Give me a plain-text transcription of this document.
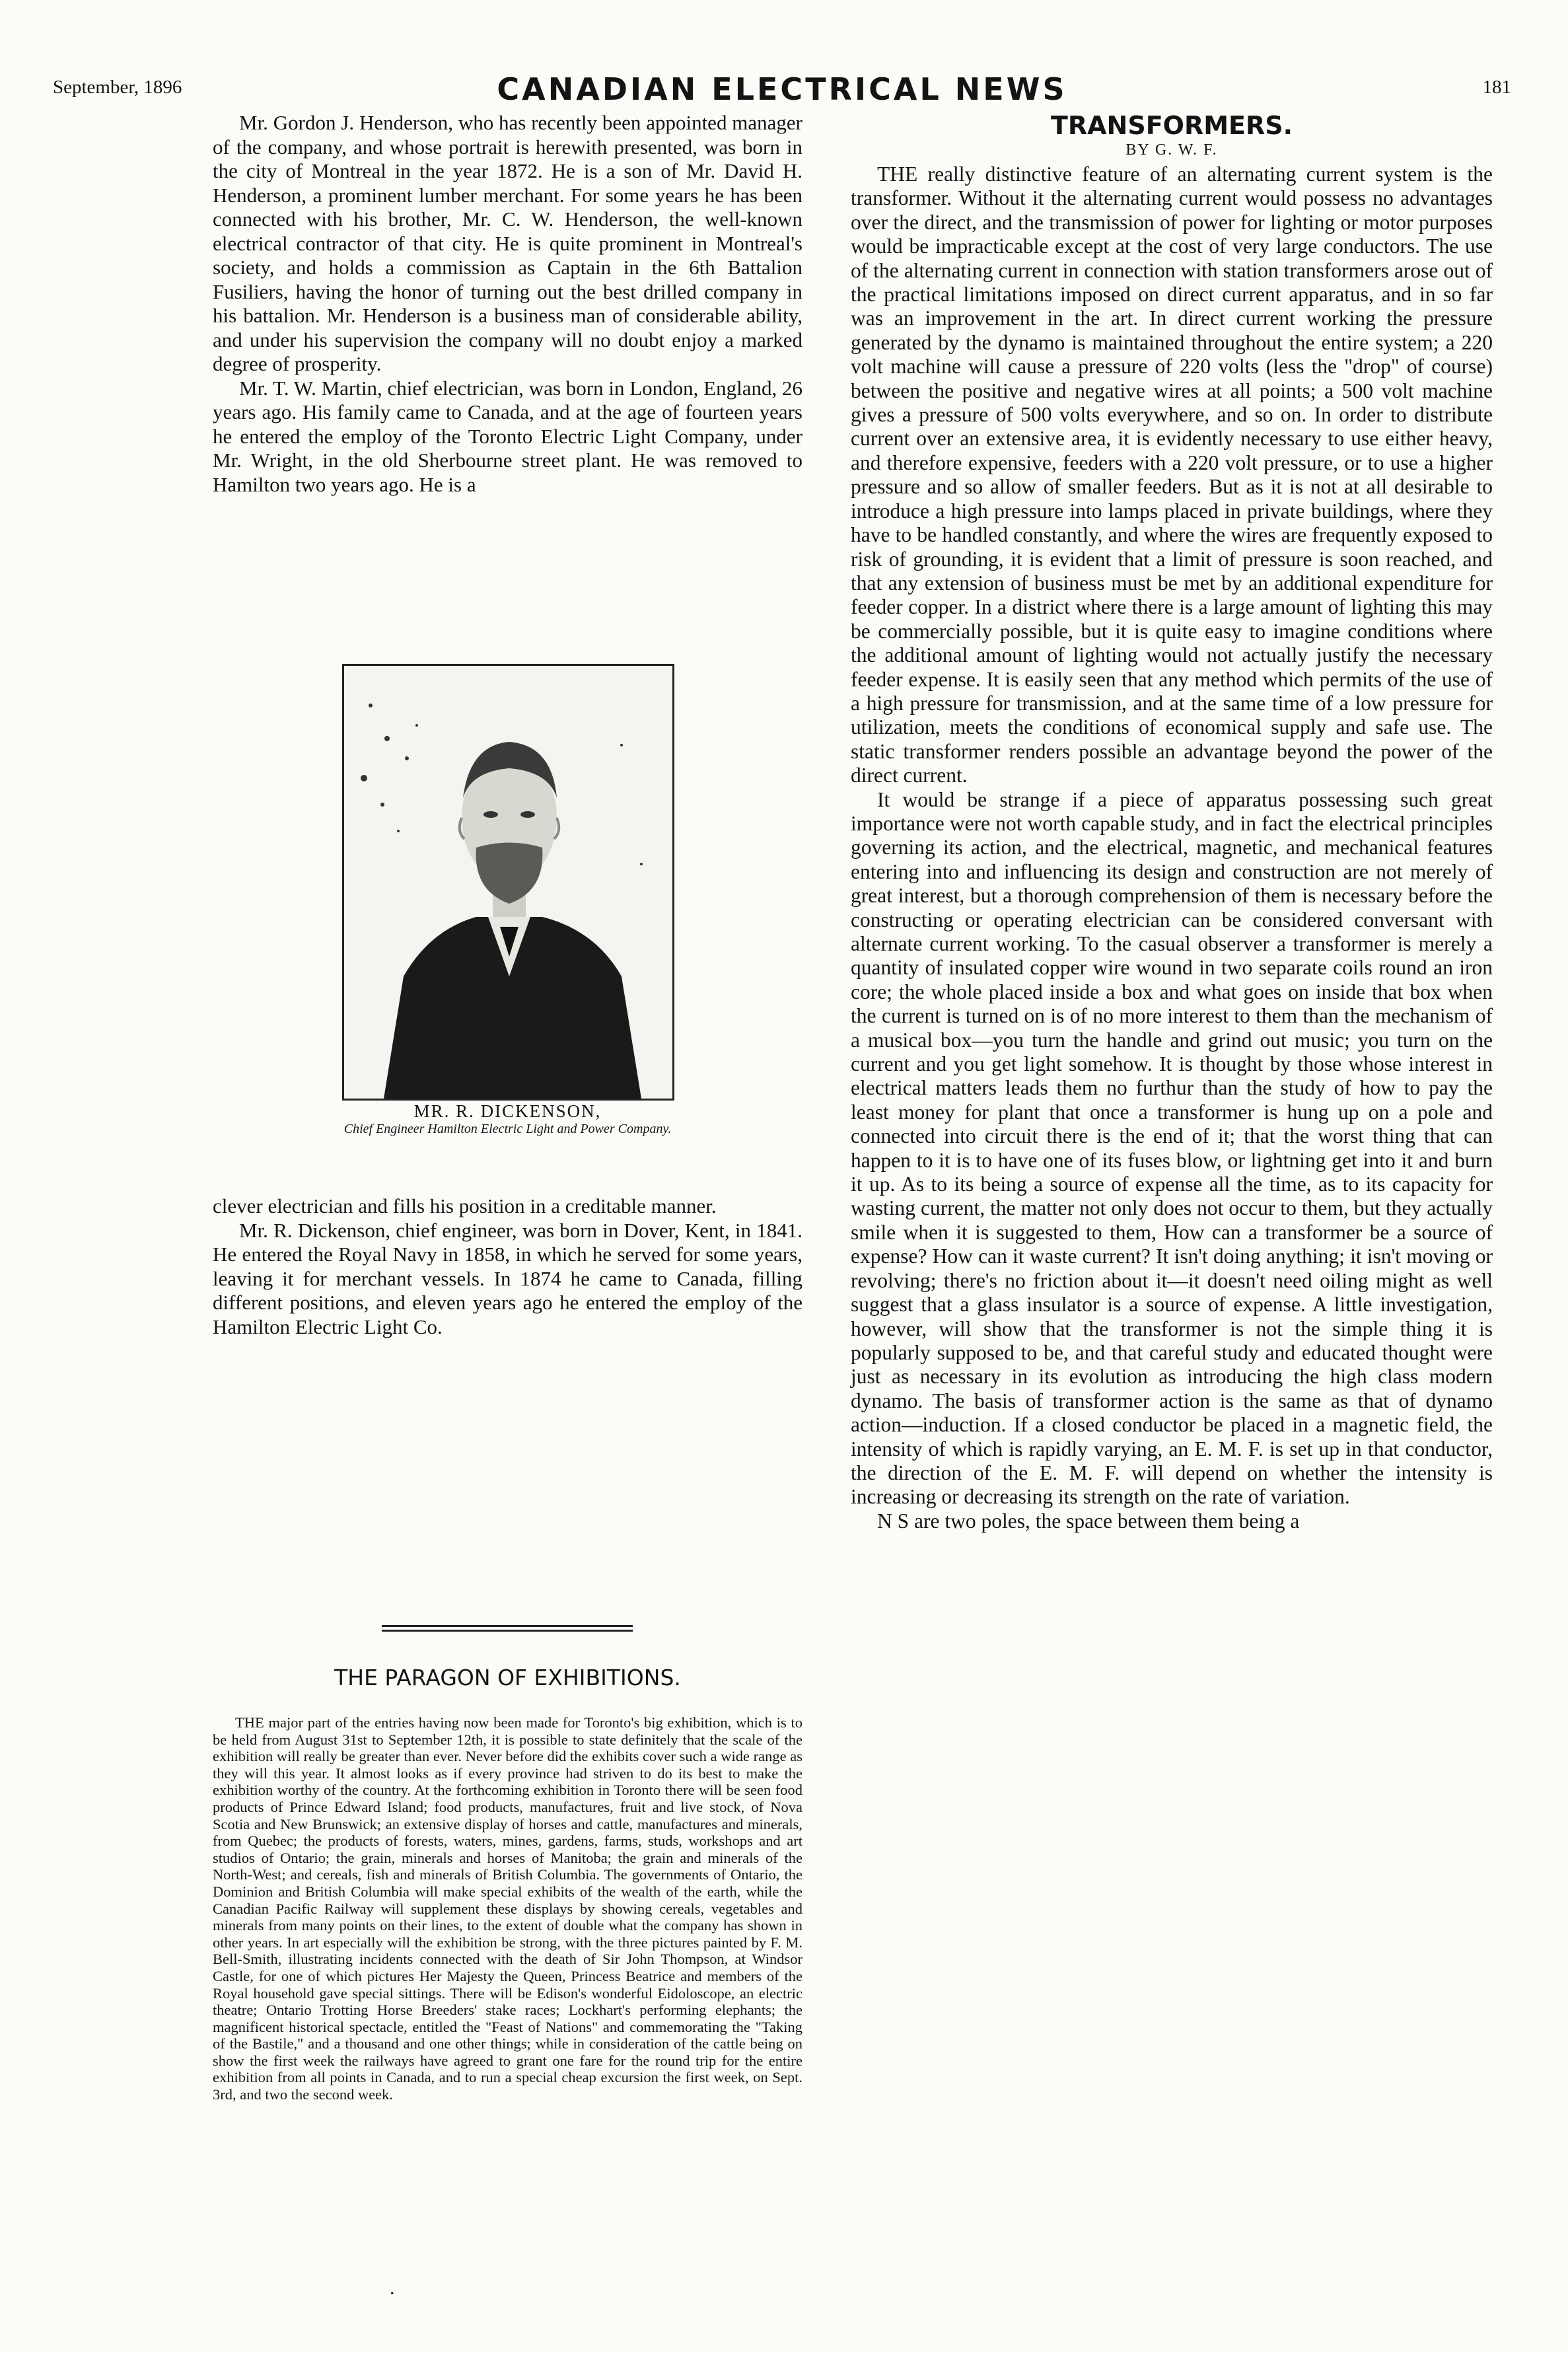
September, 1896	CANADIAN ELECTRICAL NEWS	181

Mr. Gordon J. Henderson, who has recently been appointed manager of the company, and whose portrait is herewith presented, was born in the city of Montreal in the year 1872. He is a son of Mr. David H. Henderson, a prominent lumber merchant. For some years he has been connected with his brother, Mr. C. W. Henderson, the well-known electrical contractor of that city. He is quite prominent in Montreal's society, and holds a commission as Captain in the 6th Battalion Fusiliers, having the honor of turning out the best drilled company in his battalion. Mr. Henderson is a business man of considerable ability, and under his supervision the company will no doubt enjoy a marked degree of prosperity.

Mr. T. W. Martin, chief electrician, was born in London, England, 26 years ago. His family came to Canada, and at the age of fourteen years he entered the employ of the Toronto Electric Light Company, under Mr. Wright, in the old Sherbourne street plant. He was removed to Hamilton two years ago. He is a

MR. R. DICKENSON,
Chief Engineer Hamilton Electric Light and Power Company.

clever electrician and fills his position in a creditable manner.

Mr. R. Dickenson, chief engineer, was born in Dover, Kent, in 1841. He entered the Royal Navy in 1858, in which he served for some years, leaving it for merchant vessels. In 1874 he came to Canada, filling different positions, and eleven years ago he entered the employ of the Hamilton Electric Light Co.

THE PARAGON OF EXHIBITIONS.

THE major part of the entries having now been made for Toronto's big exhibition, which is to be held from August 31st to September 12th, it is possible to state definitely that the scale of the exhibition will really be greater than ever. Never before did the exhibits cover such a wide range as they will this year. It almost looks as if every province had striven to do its best to make the exhibition worthy of the country. At the forthcoming exhibition in Toronto there will be seen food products of Prince Edward Island; food products, manufactures, fruit and live stock, of Nova Scotia and New Brunswick; an extensive display of horses and cattle, manufactures and minerals, from Quebec; the products of forests, waters, mines, gardens, farms, studs, workshops and art studios of Ontario; the grain, minerals and horses of Manitoba; the grain and minerals of the North-West; and cereals, fish and minerals of British Columbia. The governments of Ontario, the Dominion and British Columbia will make special exhibits of the wealth of the earth, while the Canadian Pacific Railway will supplement these displays by showing cereals, vegetables and minerals from many points on their lines, to the extent of double what the company has shown in other years. In art especially will the exhibition be strong, with the three pictures painted by F. M. Bell-Smith, illustrating incidents connected with the death of Sir John Thompson, at Windsor Castle, for one of which pictures Her Majesty the Queen, Princess Beatrice and members of the Royal household gave special sittings. There will be Edison's wonderful Eidoloscope, an electric theatre; Ontario Trotting Horse Breeders' stake races; Lockhart's performing elephants; the magnificent historical spectacle, entitled the "Feast of Nations" and commemorating the "Taking of the Bastile," and a thousand and one other things; while in consideration of the cattle being on show the first week the railways have agreed to grant one fare for the round trip for the entire exhibition from all points in Canada, and to run a special cheap excursion the first week, on Sept. 3rd, and two the second week.

TRANSFORMERS.
BY G. W. F.

THE really distinctive feature of an alternating current system is the transformer. Without it the alternating current would possess no advantages over the direct, and the transmission of power for lighting or motor purposes would be impracticable except at the cost of very large conductors. The use of the alternating current in connection with station transformers arose out of the practical limitations imposed on direct current apparatus, and in so far was an improvement in the art. In direct current working the pressure generated by the dynamo is maintained throughout the entire system; a 220 volt machine will cause a pressure of 220 volts (less the "drop" of course) between the positive and negative wires at all points; a 500 volt machine gives a pressure of 500 volts everywhere, and so on. In order to distribute current over an extensive area, it is evidently necessary to use either heavy, and therefore expensive, feeders with a 220 volt pressure, or to use a higher pressure and so allow of smaller feeders. But as it is not at all desirable to introduce a high pressure into lamps placed in private buildings, where they have to be handled constantly, and where the wires are frequently exposed to risk of grounding, it is evident that a limit of pressure is soon reached, and that any extension of business must be met by an additional expenditure for feeder copper. In a district where there is a large amount of lighting this may be commercially possible, but it is quite easy to imagine conditions where the additional amount of lighting would not actually justify the necessary feeder expense. It is easily seen that any method which permits of the use of a high pressure for transmission, and at the same time of a low pressure for utilization, meets the conditions of economical supply and safe use. The static transformer renders possible an advantage beyond the power of the direct current.

It would be strange if a piece of apparatus possessing such great importance were not worth capable study, and in fact the electrical principles governing its action, and the electrical, magnetic, and mechanical features entering into and influencing its design and construction are not merely of great interest, but a thorough comprehension of them is necessary before the constructing or operating electrician can be considered conversant with alternate current working. To the casual observer a transformer is merely a quantity of insulated copper wire wound in two separate coils round an iron core; the whole placed inside a box and what goes on inside that box when the current is turned on is of no more interest to them than the mechanism of a musical box—you turn the handle and grind out music; you turn on the current and you get light somehow. It is thought by those whose interest in electrical matters leads them no furthur than the study of how to pay the least money for plant that once a transformer is hung up on a pole and connected into circuit there is the end of it; that the worst thing that can happen to it is to have one of its fuses blow, or lightning get into it and burn it up. As to its being a source of expense all the time, as to its capacity for wasting current, the matter not only does not occur to them, but they actually smile when it is suggested to them, How can a transformer be a source of expense? How can it waste current? It isn't doing anything; it isn't moving or revolving; there's no friction about it—it doesn't need oiling might as well suggest that a glass insulator is a source of expense. A little investigation, however, will show that the transformer is not the simple thing it is popularly supposed to be, and that careful study and educated thought were just as necessary in its evolution as introducing the high class modern dynamo. The basis of transformer action is the same as that of dynamo action—induction. If a closed conductor be placed in a magnetic field, the intensity of which is rapidly varying, an E. M. F. is set up in that conductor, the direction of the E. M. F. will depend on whether the intensity is increasing or decreasing its strength on the rate of variation.

N S are two poles, the space between them being a

.
